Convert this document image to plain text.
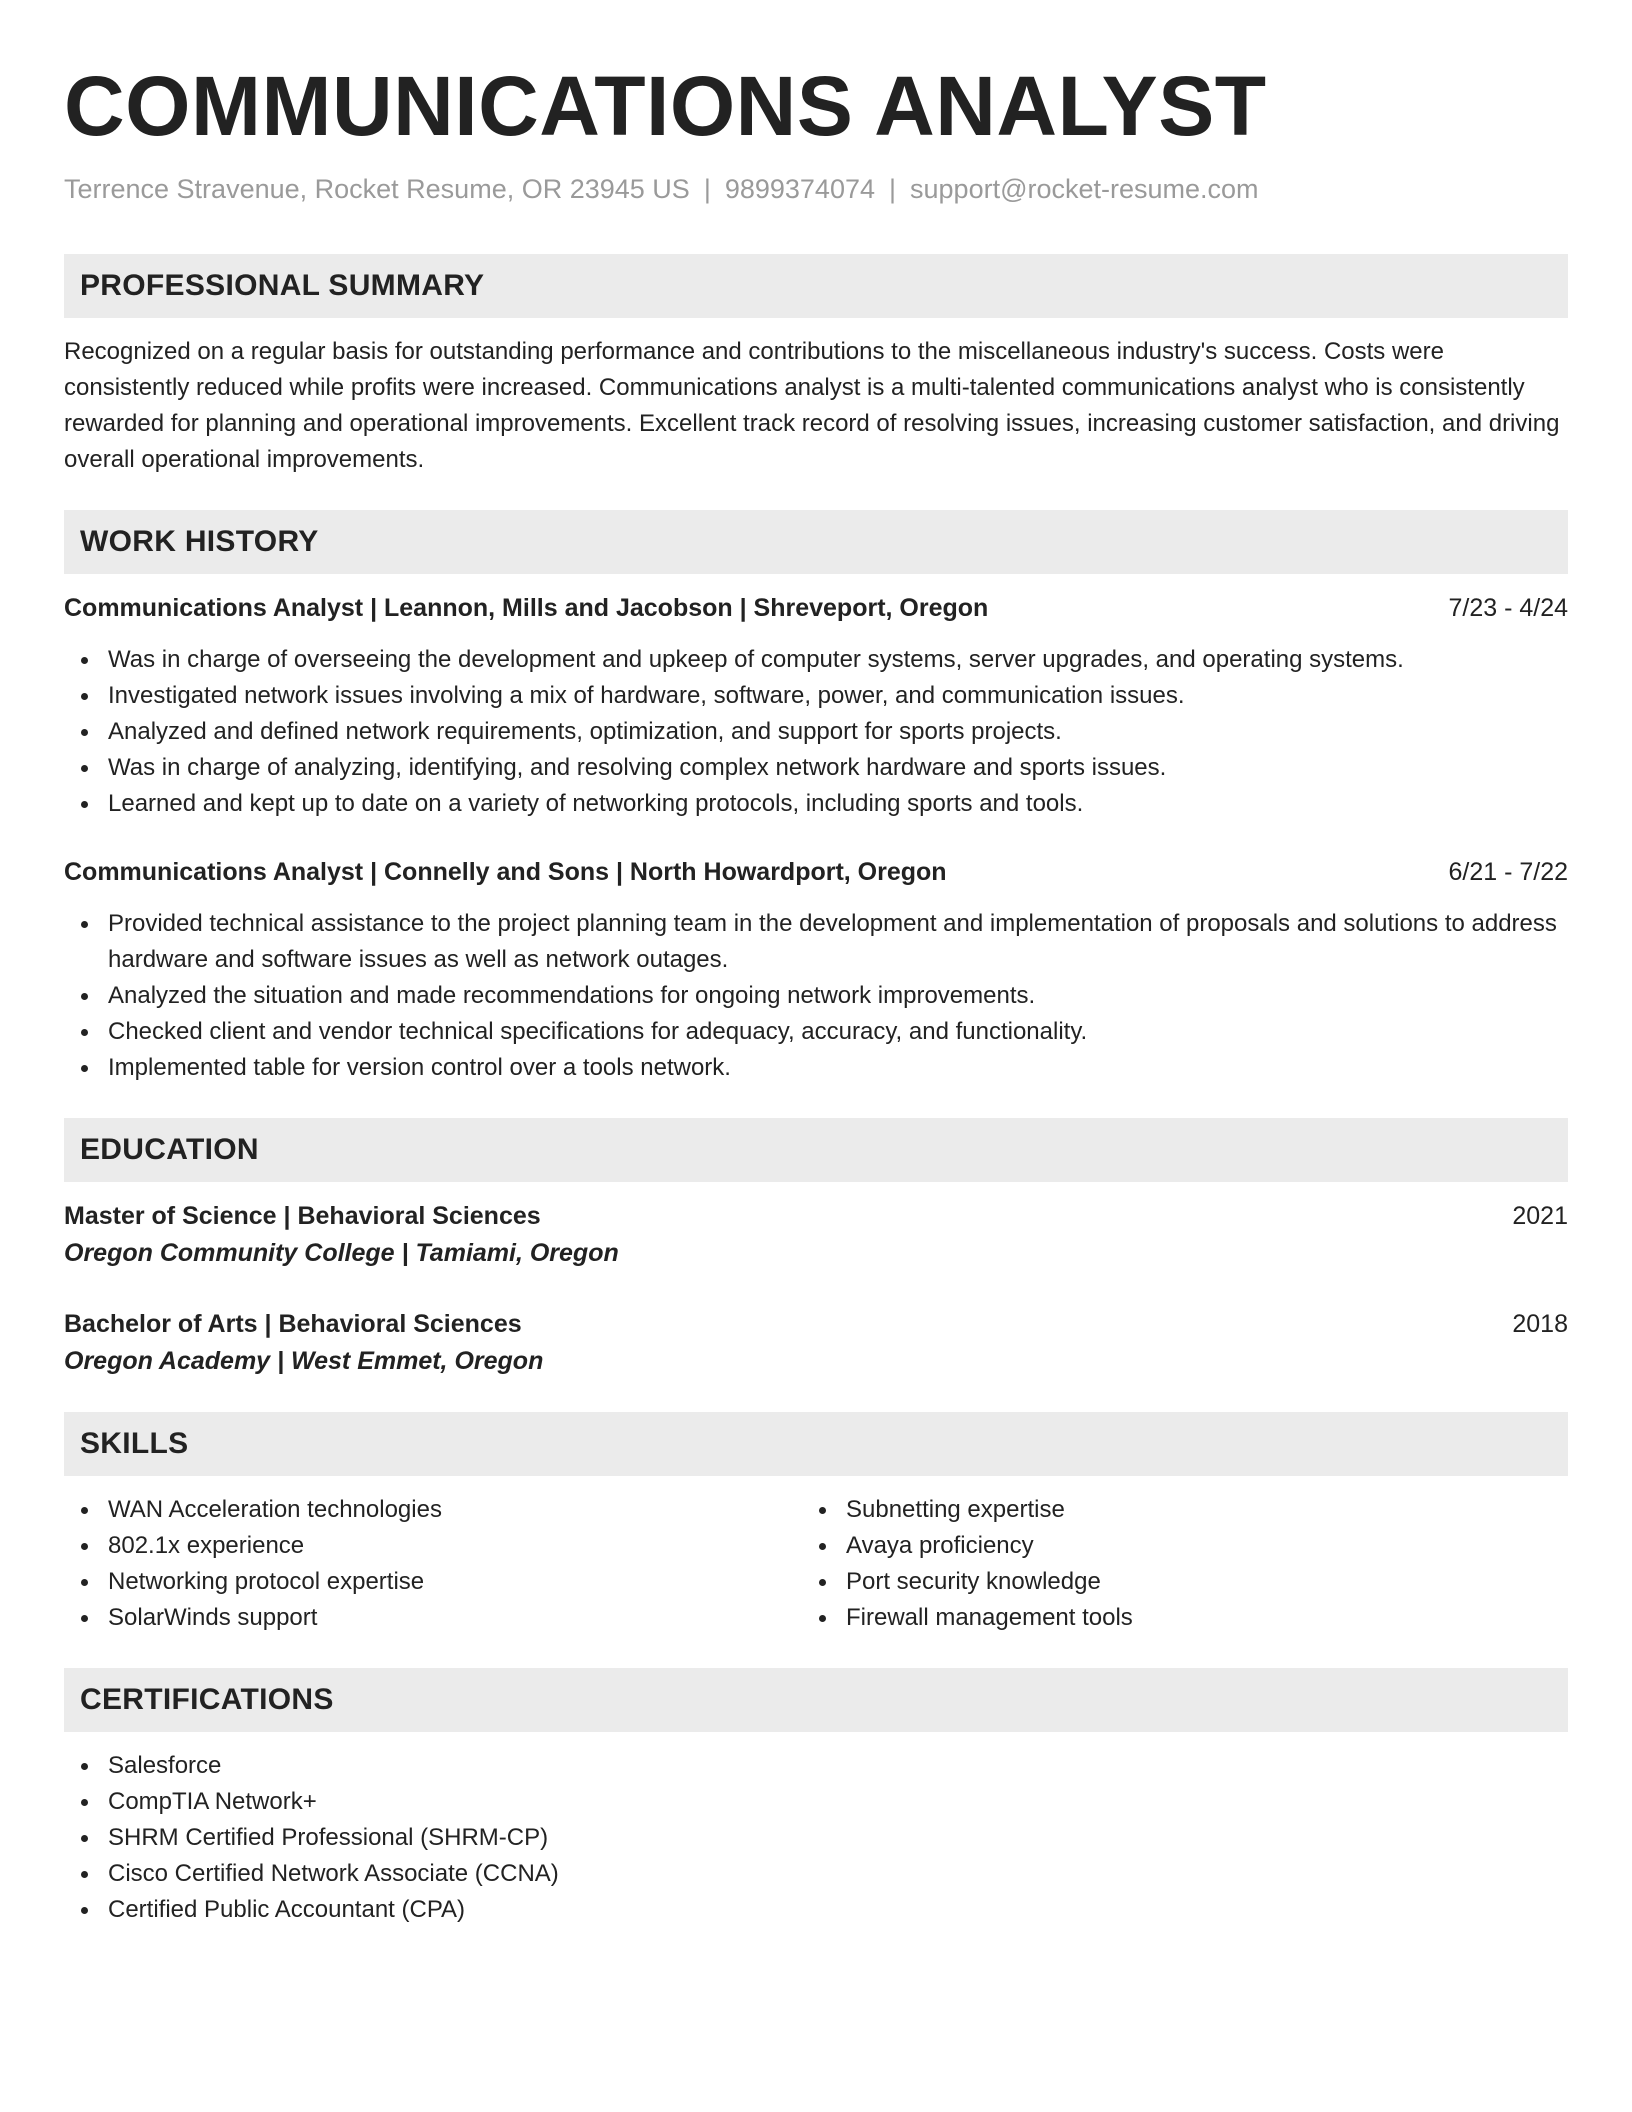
COMMUNICATIONS ANALYST
Terrence Stravenue, Rocket Resume, OR 23945 US | 9899374074 | support@rocket-resume.com
PROFESSIONAL SUMMARY
Recognized on a regular basis for outstanding performance and contributions to the miscellaneous industry's success. Costs were consistently reduced while profits were increased. Communications analyst is a multi-talented communications analyst who is consistently rewarded for planning and operational improvements. Excellent track record of resolving issues, increasing customer satisfaction, and driving overall operational improvements.
WORK HISTORY
Communications Analyst | Leannon, Mills and Jacobson | Shreveport, Oregon	7/23 - 4/24
Was in charge of overseeing the development and upkeep of computer systems, server upgrades, and operating systems.
Investigated network issues involving a mix of hardware, software, power, and communication issues.
Analyzed and defined network requirements, optimization, and support for sports projects.
Was in charge of analyzing, identifying, and resolving complex network hardware and sports issues.
Learned and kept up to date on a variety of networking protocols, including sports and tools.
Communications Analyst | Connelly and Sons | North Howardport, Oregon	6/21 - 7/22
Provided technical assistance to the project planning team in the development and implementation of proposals and solutions to address hardware and software issues as well as network outages.
Analyzed the situation and made recommendations for ongoing network improvements.
Checked client and vendor technical specifications for adequacy, accuracy, and functionality.
Implemented table for version control over a tools network.
EDUCATION
Master of Science | Behavioral Sciences	2021
Oregon Community College | Tamiami, Oregon
Bachelor of Arts | Behavioral Sciences	2018
Oregon Academy | West Emmet, Oregon
SKILLS
WAN Acceleration technologies
802.1x experience
Networking protocol expertise
SolarWinds support
Subnetting expertise
Avaya proficiency
Port security knowledge
Firewall management tools
CERTIFICATIONS
Salesforce
CompTIA Network+
SHRM Certified Professional (SHRM-CP)
Cisco Certified Network Associate (CCNA)
Certified Public Accountant (CPA)
